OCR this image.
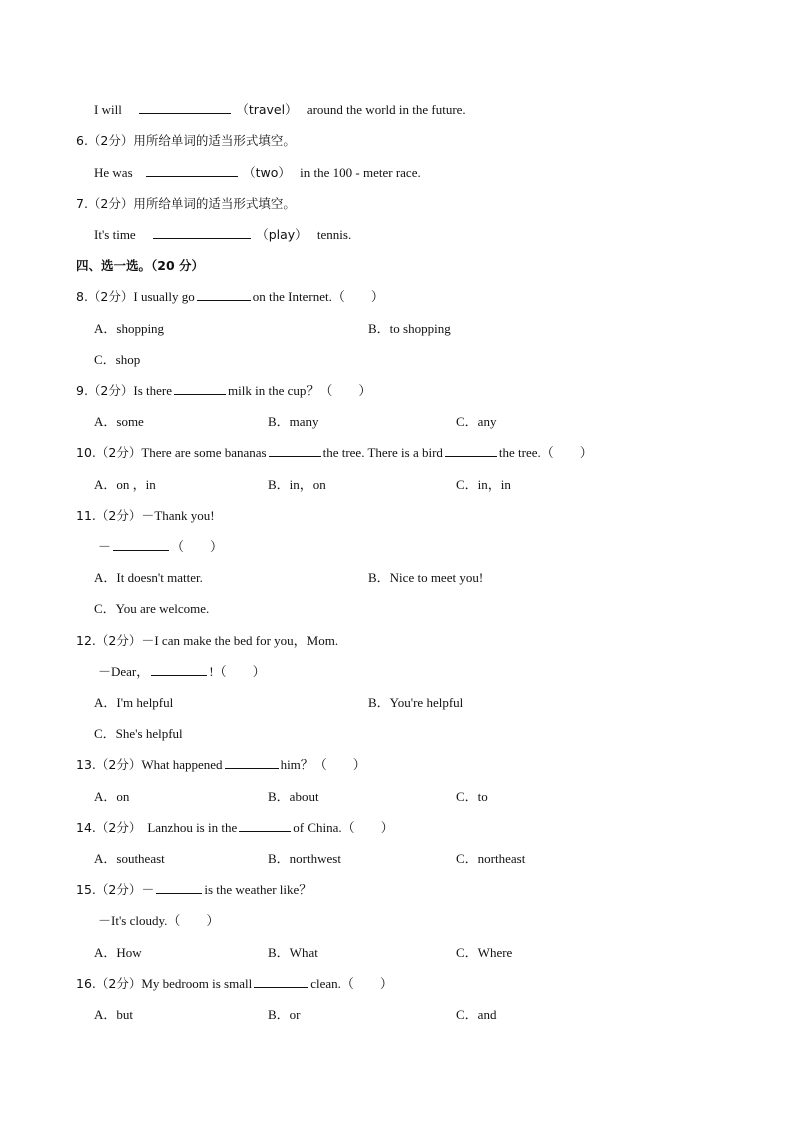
I will	（travel） around the world in the future.
6.（2分）用所给单词的适当形式填空。
He was	（two） in the 100 - meter race.
7.（2分）用所给单词的适当形式填空。
It's time	（play） tennis.
四、选一选。（20 分）
8.（2分）I usually go	on the Internet.（　　）
A．shopping	B．to shopping
C．shop
9.（2分）Is there	milk in the cup？（　　）
A．some	B．many	C．any
10.（2分）There are some bananas	the tree. There is a bird	the tree.（　　）
A．on ，in	B．in，on	C．in，in
11.（2分）－Thank you!
－	（　　）
A．It doesn't matter.	B．Nice to meet you!
C．You are welcome.
12.（2分）－I can make the bed for you，Mom.
－Dear，	!（　　）
A．I'm helpful	B．You're helpful
C．She's helpful
13.（2分）What happened	him？（　　）
A．on	B．about	C．to
14.（2分） Lanzhou is in the	of China.（　　）
A．southeast	B．northwest	C．northeast
15.（2分）－	is the weather like？
－It's cloudy.（　　）
A．How	B．What	C．Where
16.（2分）My bedroom is small	clean.（　　）
A．but	B．or	C．and
